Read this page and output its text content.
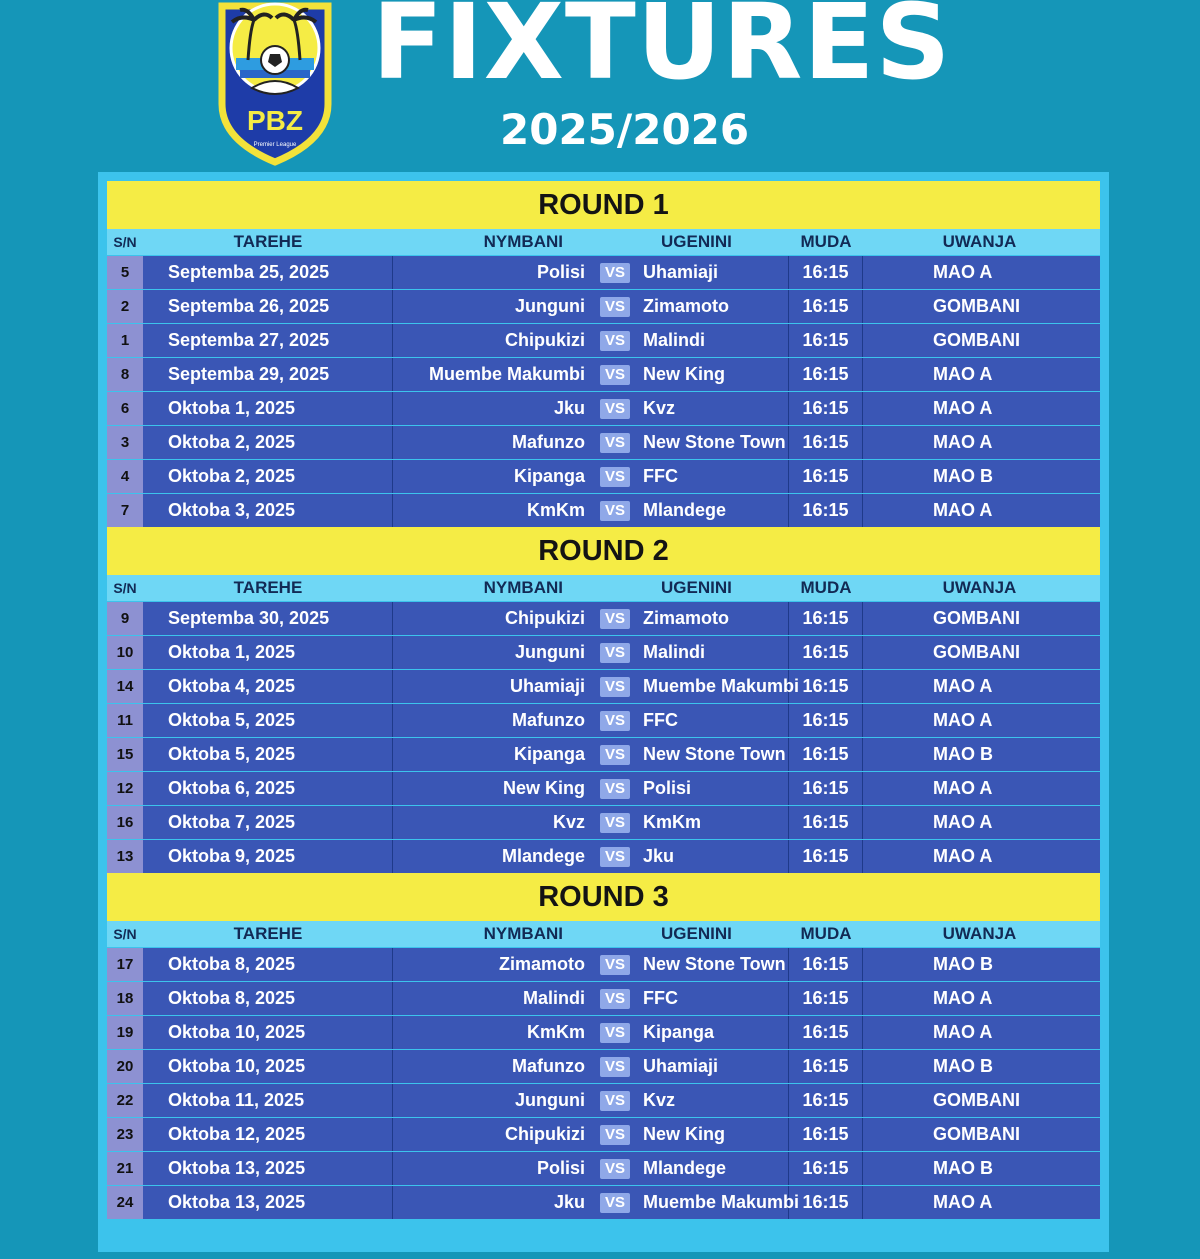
PBZ
Premier League
FIXTURES
2025/2026
ROUND 1
S/N	TAREHE	NYMBANI	UGENINI	MUDA	UWANJA
5	Septemba 25, 2025	Polisi	VS	Uhamiaji	16:15	MAO A
2	Septemba 26, 2025	Junguni	VS	Zimamoto	16:15	GOMBANI
1	Septemba 27, 2025	Chipukizi	VS	Malindi	16:15	GOMBANI
8	Septemba 29, 2025	Muembe Makumbi	VS	New King	16:15	MAO A
6	Oktoba 1, 2025	Jku	VS	Kvz	16:15	MAO A
3	Oktoba 2, 2025	Mafunzo	VS	New Stone Town 16:15	MAO A
4	Oktoba 2, 2025	Kipanga	VS	FFC	16:15	MAO B
7	Oktoba 3, 2025	KmKm	VS	Mlandege	16:15	MAO A
ROUND 2
S/N	TAREHE	NYMBANI	UGENINI	MUDA	UWANJA
9	Septemba 30, 2025	Chipukizi	VS	Zimamoto	16:15	GOMBANI
10	Oktoba 1, 2025	Junguni	VS	Malindi	16:15	GOMBANI
14	Oktoba 4, 2025	Uhamiaji	VS	Muembe Makumbi 16:15	MAO A
11	Oktoba 5, 2025	Mafunzo	VS	FFC	16:15	MAO A
15	Oktoba 5, 2025	Kipanga	VS	New Stone Town 16:15	MAO B
12	Oktoba 6, 2025	New King	VS	Polisi	16:15	MAO A
16	Oktoba 7, 2025	Kvz	VS	KmKm	16:15	MAO A
13	Oktoba 9, 2025	Mlandege	VS	Jku	16:15	MAO A
ROUND 3
S/N	TAREHE	NYMBANI	UGENINI	MUDA	UWANJA
17	Oktoba 8, 2025	Zimamoto	VS	New Stone Town 16:15	MAO B
18	Oktoba 8, 2025	Malindi	VS	FFC	16:15	MAO A
19	Oktoba 10, 2025	KmKm	VS	Kipanga	16:15	MAO A
20	Oktoba 10, 2025	Mafunzo	VS	Uhamiaji	16:15	MAO B
22	Oktoba 11, 2025	Junguni	VS	Kvz	16:15	GOMBANI
23	Oktoba 12, 2025	Chipukizi	VS	New King	16:15	GOMBANI
21	Oktoba 13, 2025	Polisi	VS	Mlandege	16:15	MAO B
24	Oktoba 13, 2025	Jku	VS	Muembe Makumbi 16:15	MAO A
